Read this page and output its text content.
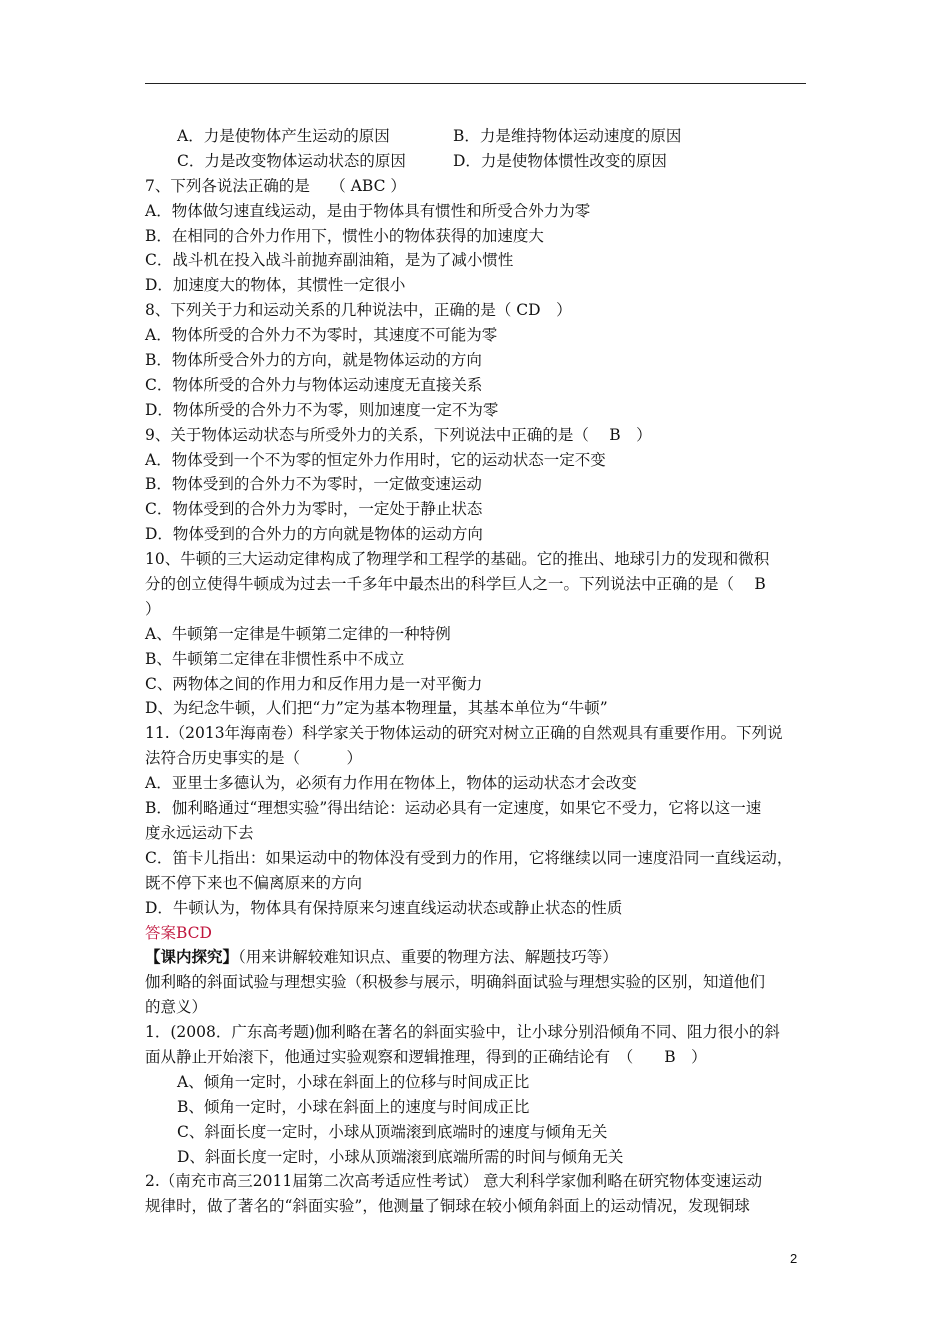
A．力是使物体产生运动的原因	B．力是维持物体运动速度的原因
C．力是改变物体运动状态的原因	D．力是使物体惯性改变的原因
7、下列各说法正确的是　 （ ABC ）
A．物体做匀速直线运动，是由于物体具有惯性和所受合外力为零
B．在相同的合外力作用下，惯性小的物体获得的加速度大
C．战斗机在投入战斗前抛弃副油箱，是为了减小惯性
D．加速度大的物体，其惯性一定很小
8、下列关于力和运动关系的几种说法中，正确的是（ CD　）
A．物体所受的合外力不为零时，其速度不可能为零
B．物体所受合外力的方向，就是物体运动的方向
C．物体所受的合外力与物体运动速度无直接关系
D．物体所受的合外力不为零，则加速度一定不为零
9、关于物体运动状态与所受外力的关系，下列说法中正确的是（　 B　）
A．物体受到一个不为零的恒定外力作用时，它的运动状态一定不变
B．物体受到的合外力不为零时，一定做变速运动
C．物体受到的合外力为零时，一定处于静止状态
D．物体受到的合外力的方向就是物体的运动方向
10、牛顿的三大运动定律构成了物理学和工程学的基础。它的推出、地球引力的发现和微积
分的创立使得牛顿成为过去一千多年中最杰出的科学巨人之一。下列说法中正确的是（　 B
）
A、牛顿第一定律是牛顿第二定律的一种特例
B、牛顿第二定律在非惯性系中不成立
C、两物体之间的作用力和反作用力是一对平衡力
D、为纪念牛顿，人们把“力”定为基本物理量，其基本单位为“牛顿”
11.（2013年海南卷）科学家关于物体运动的研究对树立正确的自然观具有重要作用。下列说
法符合历史事实的是（　　　）
A．亚里士多德认为，必须有力作用在物体上，物体的运动状态才会改变
B．伽利略通过“理想实验”得出结论：运动必具有一定速度，如果它不受力，它将以这一速
度永远运动下去
C．笛卡儿指出：如果运动中的物体没有受到力的作用，它将继续以同一速度沿同一直线运动，
既不停下来也不偏离原来的方向
D．牛顿认为，物体具有保持原来匀速直线运动状态或静止状态的性质
答案BCD
【课内探究】（用来讲解较难知识点、重要的物理方法、解题技巧等）
伽利略的斜面试验与理想实验（积极参与展示，明确斜面试验与理想实验的区别，知道他们
的意义）
1．(2008．广东高考题)伽利略在著名的斜面实验中，让小球分别沿倾角不同、阻力很小的斜
面从静止开始滚下，他通过实验观察和逻辑推理，得到的正确结论有　（　　B　）
A、倾角一定时，小球在斜面上的位移与时间成正比
B、倾角一定时，小球在斜面上的速度与时间成正比
C、斜面长度一定时，小球从顶端滚到底端时的速度与倾角无关
D、斜面长度一定时，小球从顶端滚到底端所需的时间与倾角无关
2.（南充市高三2011届第二次高考适应性考试） 意大利科学家伽利略在研究物体变速运动
规律时，做了著名的“斜面实验”，他测量了铜球在较小倾角斜面上的运动情况，发现铜球
2
